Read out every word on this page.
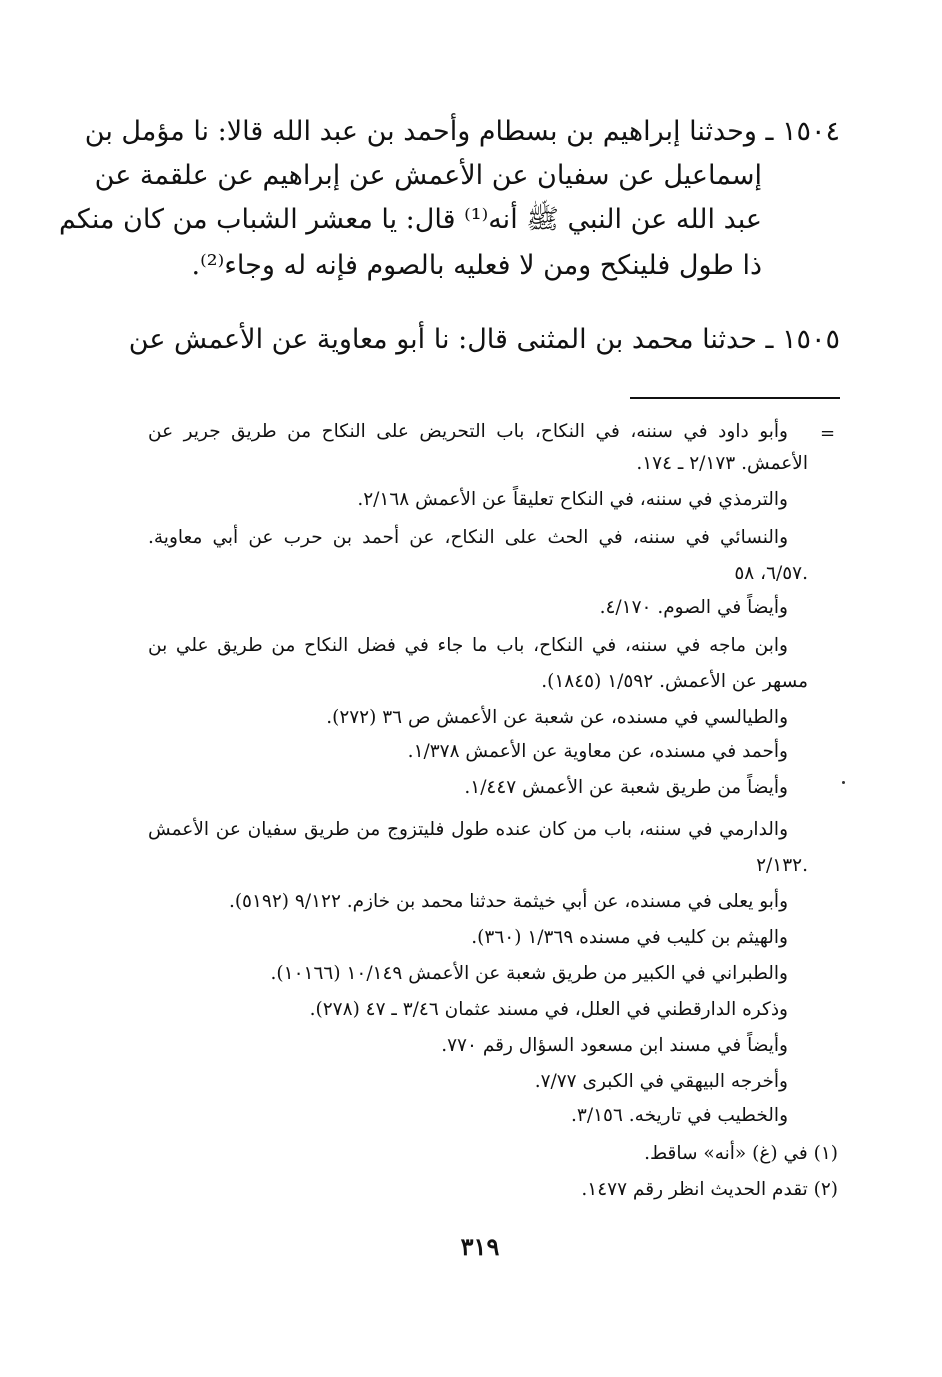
١٥٠٤ ـ وحدثنا إبراهيم بن بسطام وأحمد بن عبد الله قالا: نا مؤمل بن
إسماعيل عن سفيان عن الأعمش عن إبراهيم عن علقمة عن
عبد الله عن النبي ﷺ أنه⁽¹⁾ قال: يا معشر الشباب من كان منكم
ذا طول فلينكح ومن لا فعليه بالصوم فإنه له وجاء⁽²⁾.
١٥٠٥ ـ حدثنا محمد بن المثنى قال: نا أبو معاوية عن الأعمش عن
=
وأبو داود في سننه، في النكاح، باب التحريض على النكاح من طريق جرير عن
الأعمش. ٢/١٧٣ ـ ١٧٤.
والترمذي في سننه، في النكاح تعليقاً عن الأعمش ٢/١٦٨.
والنسائي في سننه، في الحث على النكاح، عن أحمد بن حرب عن أبي معاوية.
٦/٥٧، ٥٨.
وأيضاً في الصوم. ٤/١٧٠.
وابن ماجه في سننه، في النكاح، باب ما جاء في فضل النكاح من طريق علي بن
مسهر عن الأعمش. ١/٥٩٢ (١٨٤٥).
والطيالسي في مسنده، عن شعبة عن الأعمش ص ٣٦ (٢٧٢).
وأحمد في مسنده، عن معاوية عن الأعمش ١/٣٧٨.
وأيضاً من طريق شعبة عن الأعمش ١/٤٤٧.
والدارمي في سننه، باب من كان عنده طول فليتزوج من طريق سفيان عن الأعمش
٢/١٣٢.
وأبو يعلى في مسنده، عن أبي خيثمة حدثنا محمد بن خازم. ٩/١٢٢ (٥١٩٢).
والهيثم بن كليب في مسنده ١/٣٦٩ (٣٦٠).
والطبراني في الكبير من طريق شعبة عن الأعمش ١٠/١٤٩ (١٠١٦٦).
وذكره الدارقطني في العلل، في مسند عثمان ٣/٤٦ ـ ٤٧ (٢٧٨).
وأيضاً في مسند ابن مسعود السؤال رقم ٧٧٠.
وأخرجه البيهقي في الكبرى ٧/٧٧.
والخطيب في تاريخه. ٣/١٥٦.
(١) في (غ) «أنه» ساقط.
(٢) تقدم الحديث انظر رقم ١٤٧٧.
٣١٩
